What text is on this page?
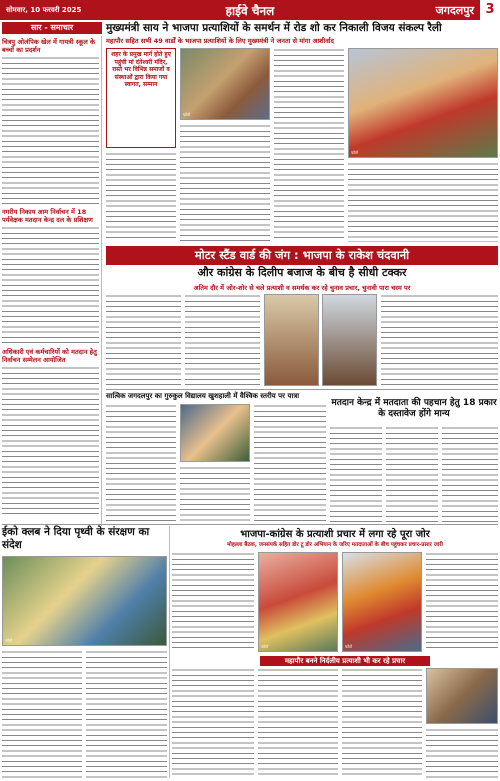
सोमवार, 10 फरवरी 2025	हाईवे चैनल	जगदलपुर 3
सार - समाचार
चित्रपु ओलंपिक खेल में गायत्री स्कूल के बच्चों का प्रदर्शन
नगरीय निकाय आम निर्वाचन में 18 पर्यवेक्षक मतदान केन्द्र दल के प्रशिक्षण
अधिकारी एवं कर्मचारियों को मतदान हेतु निर्वाचन सम्मेलन आयोजित
मुख्यमंत्री साय ने भाजपा प्रत्याशियों के समर्थन में रोड शो कर निकाली विजय संकल्प रैली
महापौर सहित सभी 49 वार्डों के भाजपा प्रत्याशियों के लिए मुख्यमंत्री ने जनता से मांगा आशीर्वाद
शहर के प्रमुख मार्ग होते हुए पहुंची मां दंतेश्वरी मंदिर, रास्ते भर विभिन्न समाजों व संस्थाओं द्वारा किया गया स्वागत, सम्मान
फोटो
फोटो
मोटर स्टैंड वार्ड की जंग : भाजपा के राकेश चंदवानी
और कांग्रेस के दिलीप बजाज के बीच है सीधी टक्कर
अतिम दौर में जोर-शोर से चले प्रत्याशी व समर्थक कर रहे चुनाव प्रचार, चुनावी पारा चरम पर
सात्विक जगदलपुर का गुरुकुल विद्यालय खुशहाली में वैश्विक स्तरीय पर यात्रा
मतदान केन्द्र में मतदाता की पहचान हेतु 18 प्रकार के दस्तावेज होंगे मान्य
ईको क्लब ने दिया पृथ्वी के संरक्षण का संदेश
फोटो
भाजपा-कांग्रेस के प्रत्याशी प्रचार में लगा रहे पूरा जोर
मोहल्ला बैठक, जनसंपर्क सहित डोर टू डोर अभियान के जरिए मतदाताओं के बीच पहुंचकर प्रचार-प्रसार जारी
फोटो	फोटो
महापौर बनने निर्दलीय प्रत्याशी भी कर रहे प्रचार
